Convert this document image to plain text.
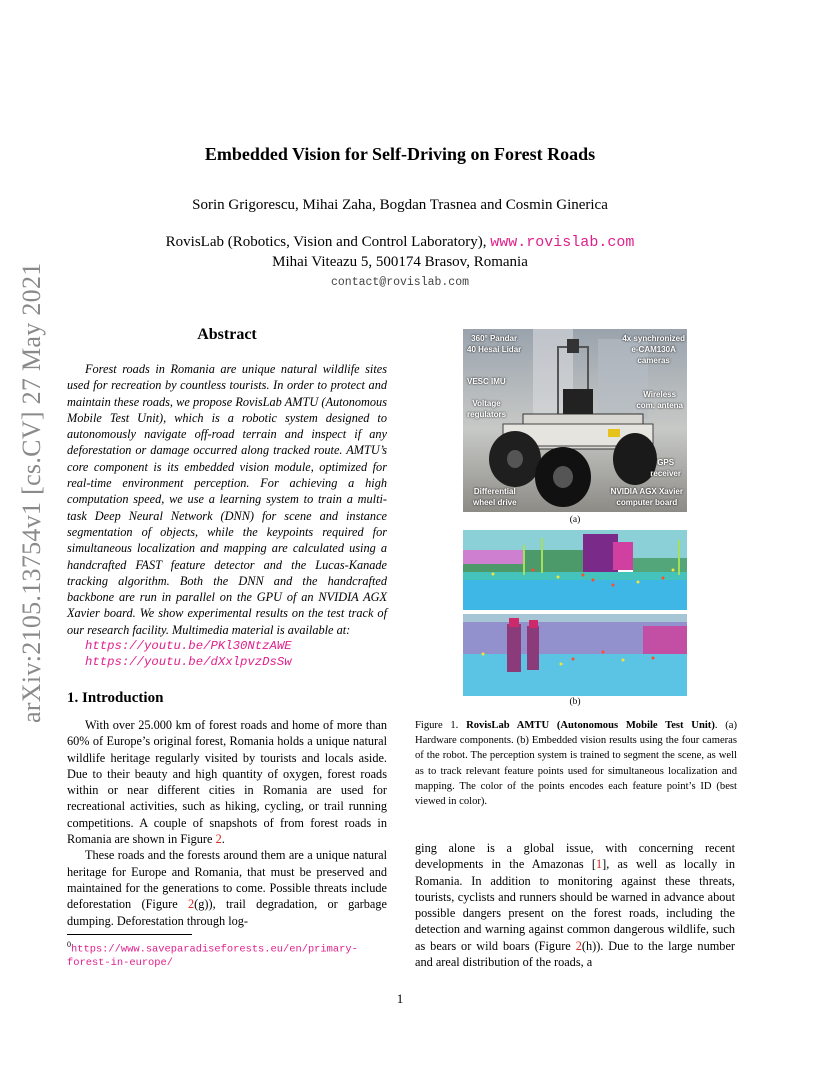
arXiv:2105.13754v1 [cs.CV] 27 May 2021
Embedded Vision for Self-Driving on Forest Roads
Sorin Grigorescu, Mihai Zaha, Bogdan Trasnea and Cosmin Ginerica
RovisLab (Robotics, Vision and Control Laboratory), www.rovislab.com
Mihai Viteazu 5, 500174 Brasov, Romania
contact@rovislab.com
Abstract
Forest roads in Romania are unique natural wildlife sites used for recreation by countless tourists. In order to protect and maintain these roads, we propose RovisLab AMTU (Autonomous Mobile Test Unit), which is a robotic system designed to autonomously navigate off-road terrain and inspect if any deforestation or damage occurred along tracked route. AMTU’s core component is its embedded vision module, optimized for real-time environment perception. For achieving a high computation speed, we use a learning system to train a multi-task Deep Neural Network (DNN) for scene and instance segmentation of objects, while the keypoints required for simultaneous localization and mapping are calculated using a handcrafted FAST feature detector and the Lucas-Kanade tracking algorithm. Both the DNN and the handcrafted backbone are run in parallel on the GPU of an NVIDIA AGX Xavier board. We show experimental results on the test track of our research facility. Multimedia material is available at:
https://youtu.be/PKl30NtzAWE
https://youtu.be/dXxlpvzDsSw
1. Introduction

With over 25.000 km of forest roads and home of more than 60% of Europe’s original forest, Romania holds a unique natural wildlife heritage regularly visited by tourists and locals aside. Due to their beauty and high quantity of oxygen, forest roads within or near different cities in Romania are used for recreational activities, such as hiking, cycling, or trail running competitions. A couple of snapshots of from forest roads in Romania are shown in Figure 2.

These roads and the forests around them are a unique natural heritage for Europe and Romania, that must be preserved and maintained for the generations to come. Possible threats include deforestation (Figure 2(g)), trail degradation, or garbage dumping. Deforestation through log-

$^0$https://www.saveparadiseforests.eu/en/primary-forest-in-europe/
360° Pandar
40 Hesai Lidar
4x synchronized
e-CAM130A
cameras
VESC IMU
Voltage
regulators
Wireless
com. antena
GPS
receiver
Differential
wheel drive
NVIDIA AGX Xavier
computer board
(a)
(b)
Figure 1. RovisLab AMTU (Autonomous Mobile Test Unit). (a) Hardware components. (b) Embedded vision results using the four cameras of the robot. The perception system is trained to segment the scene, as well as to track relevant feature points used for simultaneous localization and mapping. The color of the points encodes each feature point’s ID (best viewed in color).
ging alone is a global issue, with concerning recent developments in the Amazonas [1], as well as locally in Romania. In addition to monitoring against these threats, tourists, cyclists and runners should be warned in advance about possible dangers present on the forest roads, including the detection and warning against common dangerous wildlife, such as bears or wild boars (Figure 2(h)). Due to the large number and areal distribution of the roads, a
1
